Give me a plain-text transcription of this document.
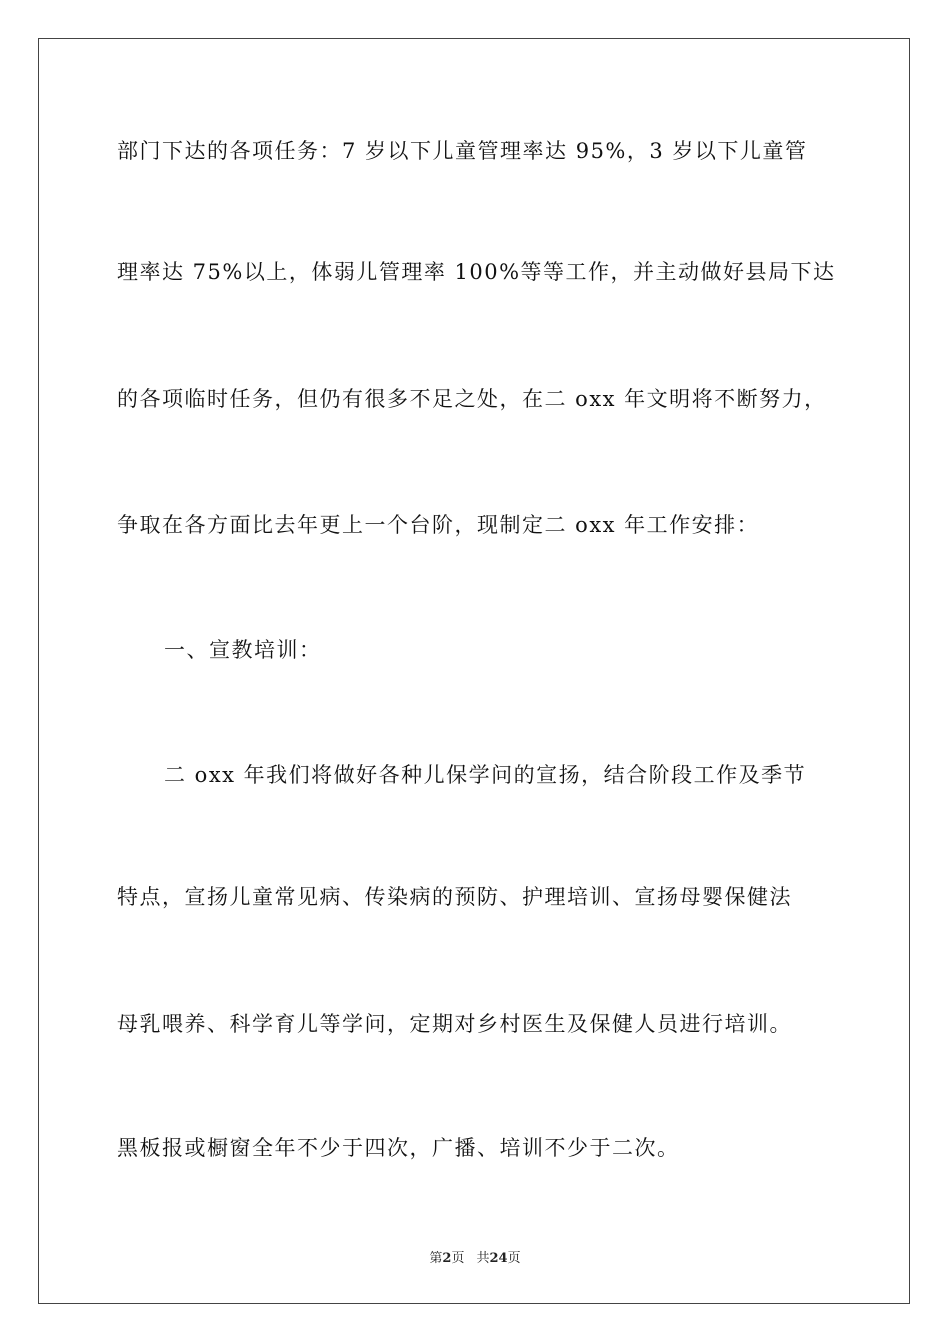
部门下达的各项任务：7 岁以下儿童管理率达 95%，3 岁以下儿童管
理率达 75%以上，体弱儿管理率 100%等等工作，并主动做好县局下达
的各项临时任务，但仍有很多不足之处，在二 oxx 年文明将不断努力，
争取在各方面比去年更上一个台阶，现制定二 oxx 年工作安排：
一、宣教培训：
二 oxx 年我们将做好各种儿保学问的宣扬，结合阶段工作及季节
特点，宣扬儿童常见病、传染病的预防、护理培训、宣扬母婴保健法
母乳喂养、科学育儿等学问，定期对乡村医生及保健人员进行培训。
黑板报或橱窗全年不少于四次，广播、培训不少于二次。
第2页 共24页
